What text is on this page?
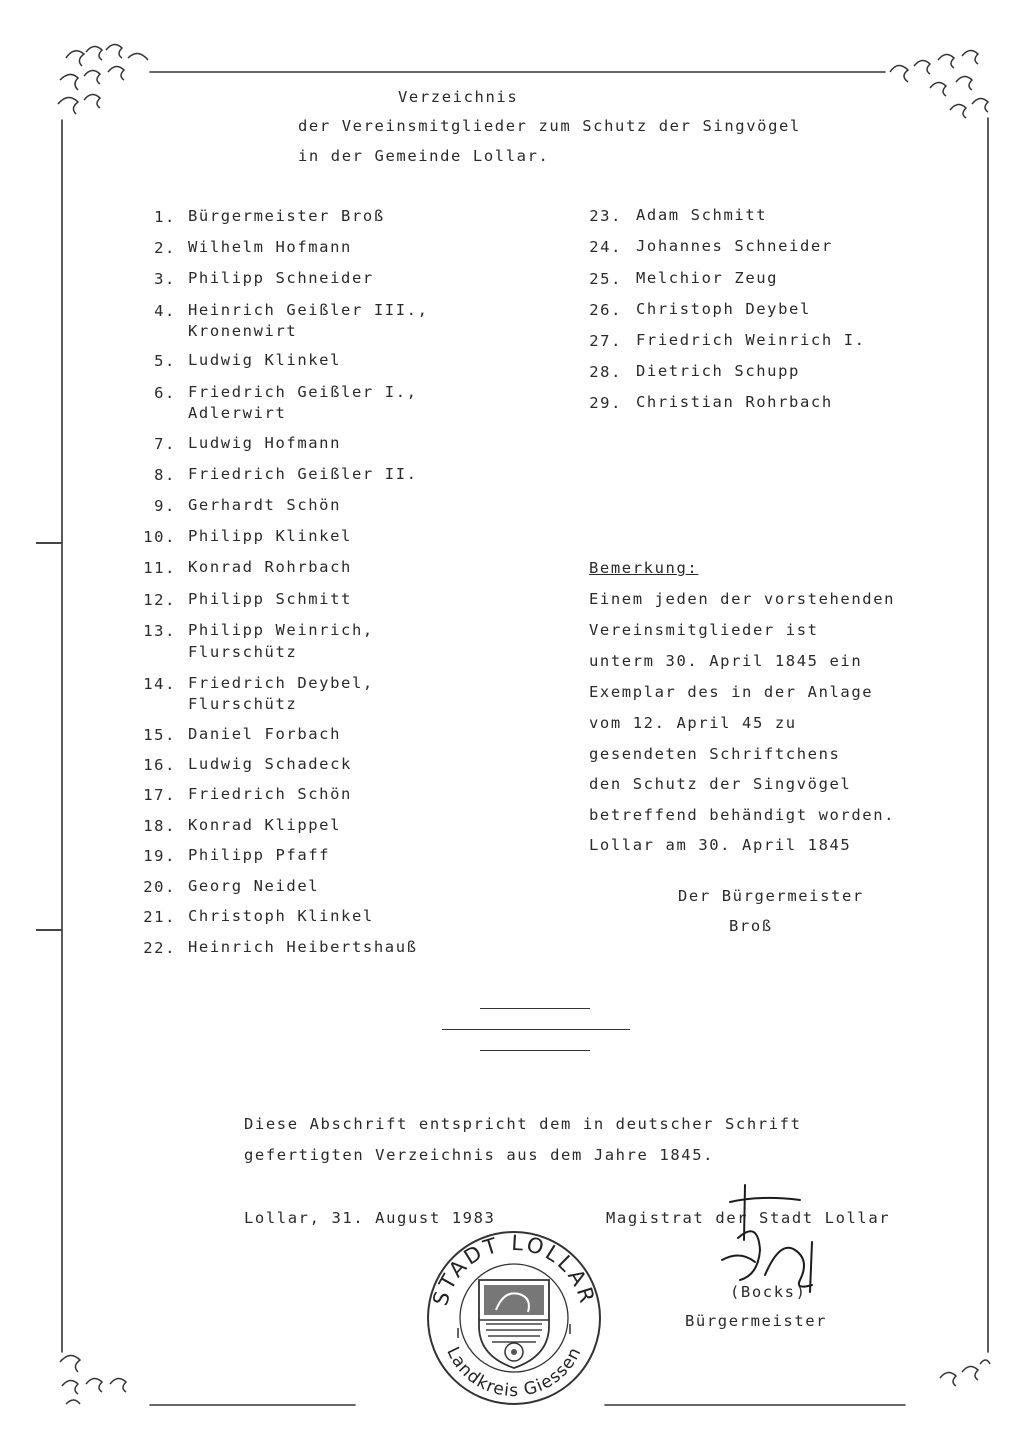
Verzeichnis
der Vereinsmitglieder zum Schutz der Singvögel
in der Gemeinde Lollar.
1. Bürgermeister Broß
2. Wilhelm Hofmann
3. Philipp Schneider
4. Heinrich Geißler III.,
Kronenwirt
5. Ludwig Klinkel
6. Friedrich Geißler I.,
Adlerwirt
7. Ludwig Hofmann
8. Friedrich Geißler II.
9. Gerhardt Schön
10. Philipp Klinkel
11. Konrad Rohrbach
12. Philipp Schmitt
13. Philipp Weinrich,
Flurschütz
14. Friedrich Deybel,
Flurschütz
15. Daniel Forbach
16. Ludwig Schadeck
17. Friedrich Schön
18. Konrad Klippel
19. Philipp Pfaff
20. Georg Neidel
21. Christoph Klinkel
22. Heinrich Heibertshauß
23. Adam Schmitt
24. Johannes Schneider
25. Melchior Zeug
26. Christoph Deybel
27. Friedrich Weinrich I.
28. Dietrich Schupp
29. Christian Rohrbach
Bemerkung:
Einem jeden der vorstehenden
Vereinsmitglieder ist
unterm 30. April 1845 ein
Exemplar des in der Anlage
vom 12. April 45 zu
gesendeten Schriftchens
den Schutz der Singvögel
betreffend behändigt worden.
Lollar am 30. April 1845
Der Bürgermeister
Broß
Diese Abschrift entspricht dem in deutscher Schrift
gefertigten Verzeichnis aus dem Jahre 1845.
Lollar, 31. August 1983	Magistrat der Stadt Lollar
(Bocks)
Bürgermeister
STADT LOLLAR
Landkreis Giessen
